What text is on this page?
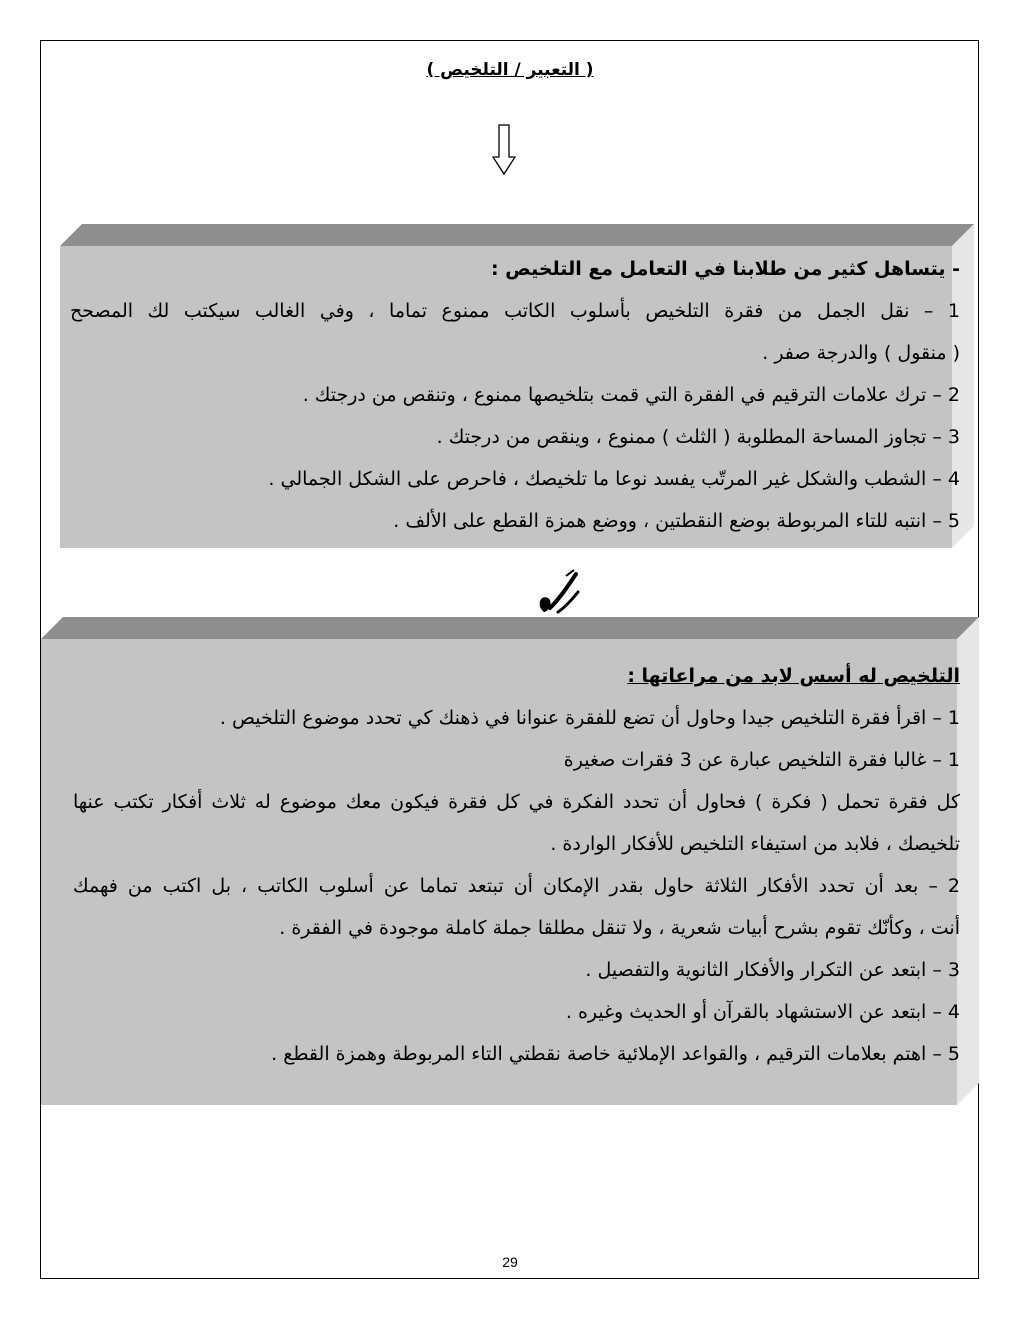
( التعبير / التلخيص )
- يتساهل كثير من طلابنا في التعامل مع التلخيص :
1 – نقل الجمل من فقرة التلخيص بأسلوب الكاتب ممنوع تماما ، وفي الغالب سيكتب لك المصحح
( منقول ) والدرجة صفر .
2 – ترك علامات الترقيم في الفقرة التي قمت بتلخيصها ممنوع ، وتنقص من درجتك .
3 – تجاوز المساحة المطلوبة ( الثلث ) ممنوع ، وينقص من درجتك .
4 – الشطب والشكل غير المرتّب يفسد نوعا ما تلخيصك ، فاحرص على الشكل الجمالي .
5 – انتبه للتاء المربوطة بوضع النقطتين ، ووضع همزة القطع على الألف .
التلخيص له أسس لابد من مراعاتها :
1 – اقرأ فقرة التلخيص جيدا وحاول أن تضع للفقرة عنوانا في ذهنك كي تحدد موضوع التلخيص .
1 – غالبا فقرة التلخيص عبارة عن 3 فقرات صغيرة
كل فقرة تحمل ( فكرة ) فحاول أن تحدد الفكرة في كل فقرة فيكون معك موضوع له ثلاث أفكار تكتب عنها
تلخيصك ، فلابد من استيفاء التلخيص للأفكار الواردة .
2 – بعد أن تحدد الأفكار الثلاثة حاول بقدر الإمكان أن تبتعد تماما عن أسلوب الكاتب ، بل اكتب من فهمك
أنت ، وكأنّك تقوم بشرح أبيات شعرية ، ولا تنقل مطلقا جملة كاملة موجودة في الفقرة .
3 – ابتعد عن التكرار والأفكار الثانوية والتفصيل .
4 – ابتعد عن الاستشهاد بالقرآن أو الحديث وغيره .
5 – اهتم بعلامات الترقيم ، والقواعد الإملائية خاصة نقطتي التاء المربوطة وهمزة القطع .
29
